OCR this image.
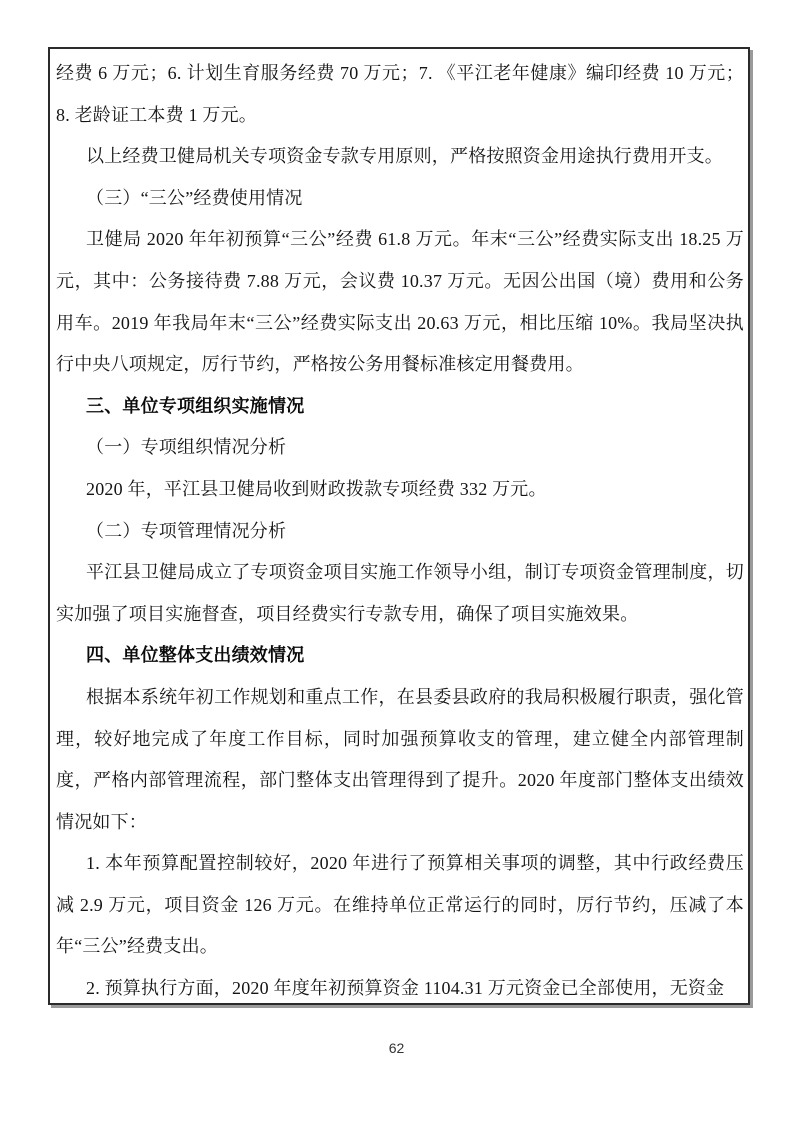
经费 6 万元；6. 计划生育服务经费 70 万元；7. 《平江老年健康》编印经费 10 万元；8. 老龄证工本费 1 万元。

以上经费卫健局机关专项资金专款专用原则，严格按照资金用途执行费用开支。

（三）“三公”经费使用情况

卫健局 2020 年年初预算“三公”经费 61.8 万元。年末“三公”经费实际支出 18.25 万元，其中：公务接待费 7.88 万元，会议费 10.37 万元。无因公出国（境）费用和公务用车。2019 年我局年末“三公”经费实际支出 20.63 万元，相比压缩 10%。我局坚决执行中央八项规定，厉行节约，严格按公务用餐标准核定用餐费用。

三、单位专项组织实施情况

（一）专项组织情况分析

2020 年，平江县卫健局收到财政拨款专项经费 332 万元。

（二）专项管理情况分析

平江县卫健局成立了专项资金项目实施工作领导小组，制订专项资金管理制度，切实加强了项目实施督查，项目经费实行专款专用，确保了项目实施效果。

四、单位整体支出绩效情况

根据本系统年初工作规划和重点工作，在县委县政府的我局积极履行职责，强化管理，较好地完成了年度工作目标，同时加强预算收支的管理，建立健全内部管理制度，严格内部管理流程，部门整体支出管理得到了提升。2020 年度部门整体支出绩效情况如下：

1. 本年预算配置控制较好，2020 年进行了预算相关事项的调整，其中行政经费压减 2.9 万元，项目资金 126 万元。在维持单位正常运行的同时，厉行节约，压减了本年“三公”经费支出。

2. 预算执行方面，2020 年度年初预算资金 1104.31 万元资金已全部使用，无资金

62
